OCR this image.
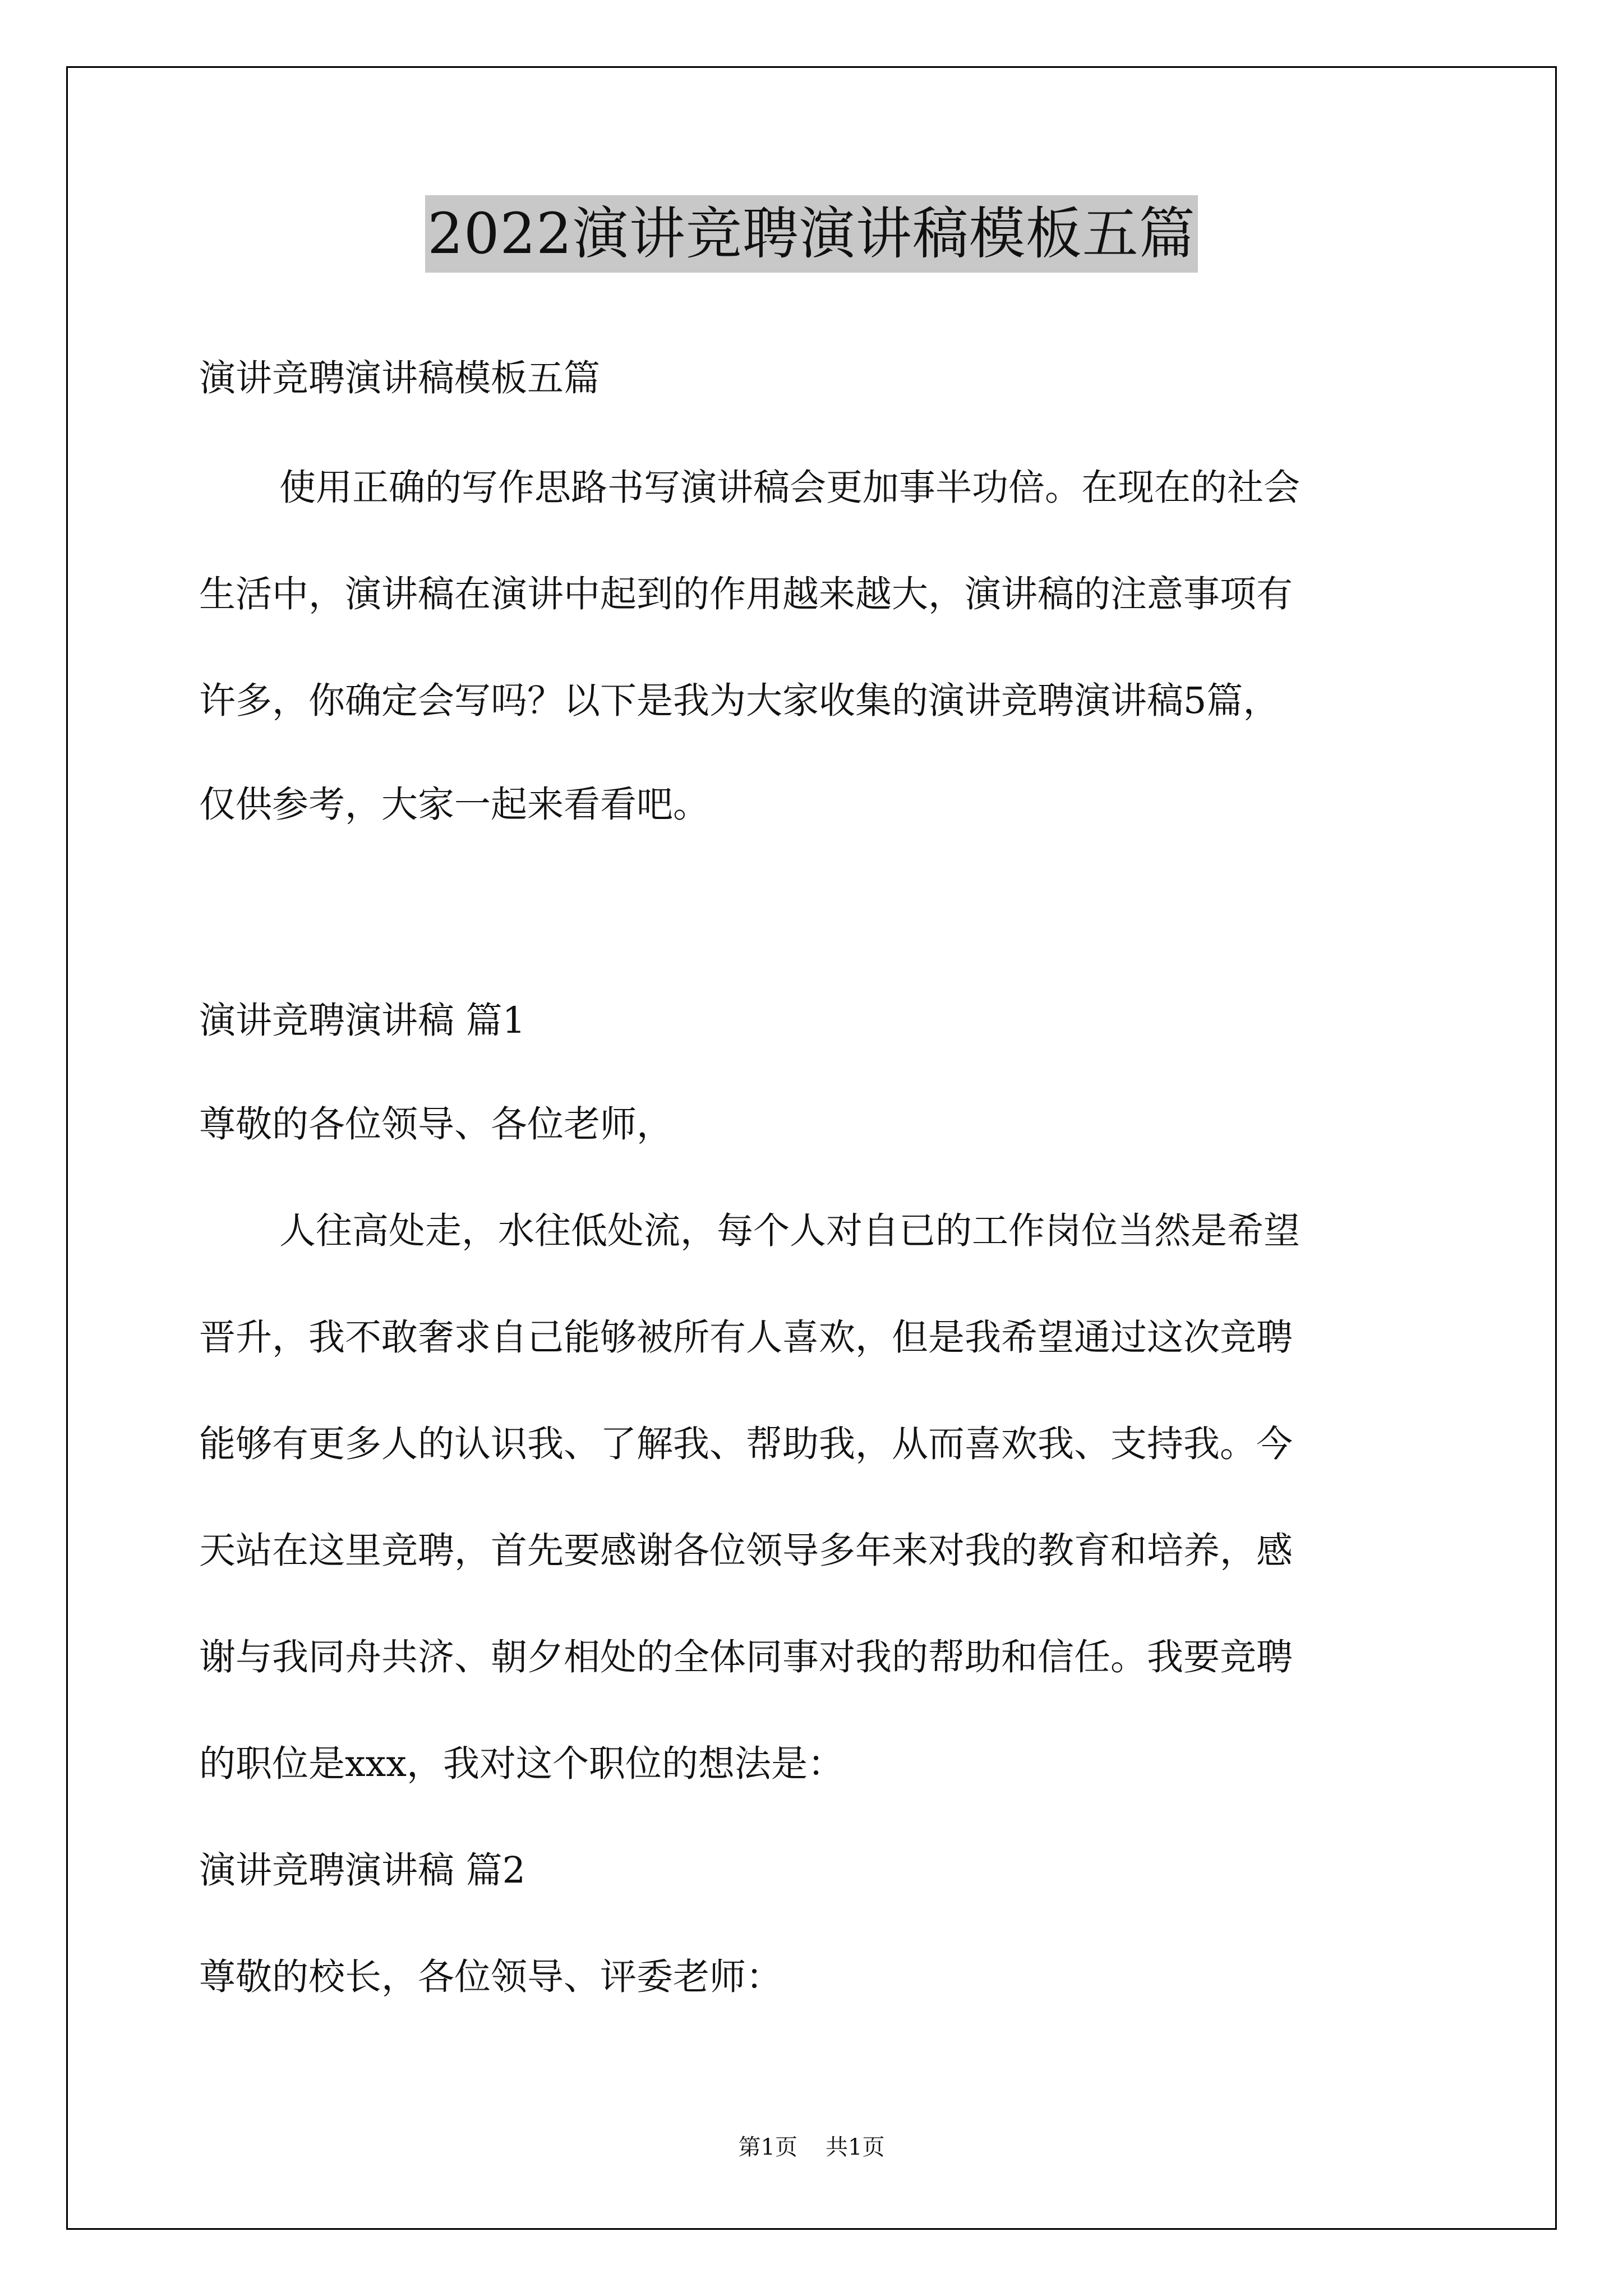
2022演讲竞聘演讲稿模板五篇
演讲竞聘演讲稿模板五篇
使用正确的写作思路书写演讲稿会更加事半功倍。在现在的社会
生活中，演讲稿在演讲中起到的作用越来越大，演讲稿的注意事项有
许多，你确定会写吗？以下是我为大家收集的演讲竞聘演讲稿5篇，
仅供参考，大家一起来看看吧。
演讲竞聘演讲稿 篇1
尊敬的各位领导、各位老师，
人往高处走，水往低处流，每个人对自已的工作岗位当然是希望
晋升，我不敢奢求自己能够被所有人喜欢，但是我希望通过这次竞聘
能够有更多人的认识我、了解我、帮助我，从而喜欢我、支持我。今
天站在这里竞聘，首先要感谢各位领导多年来对我的教育和培养，感
谢与我同舟共济、朝夕相处的全体同事对我的帮助和信任。我要竞聘
的职位是xxx，我对这个职位的想法是：
演讲竞聘演讲稿 篇2
尊敬的校长，各位领导、评委老师：
第1页 共1页
